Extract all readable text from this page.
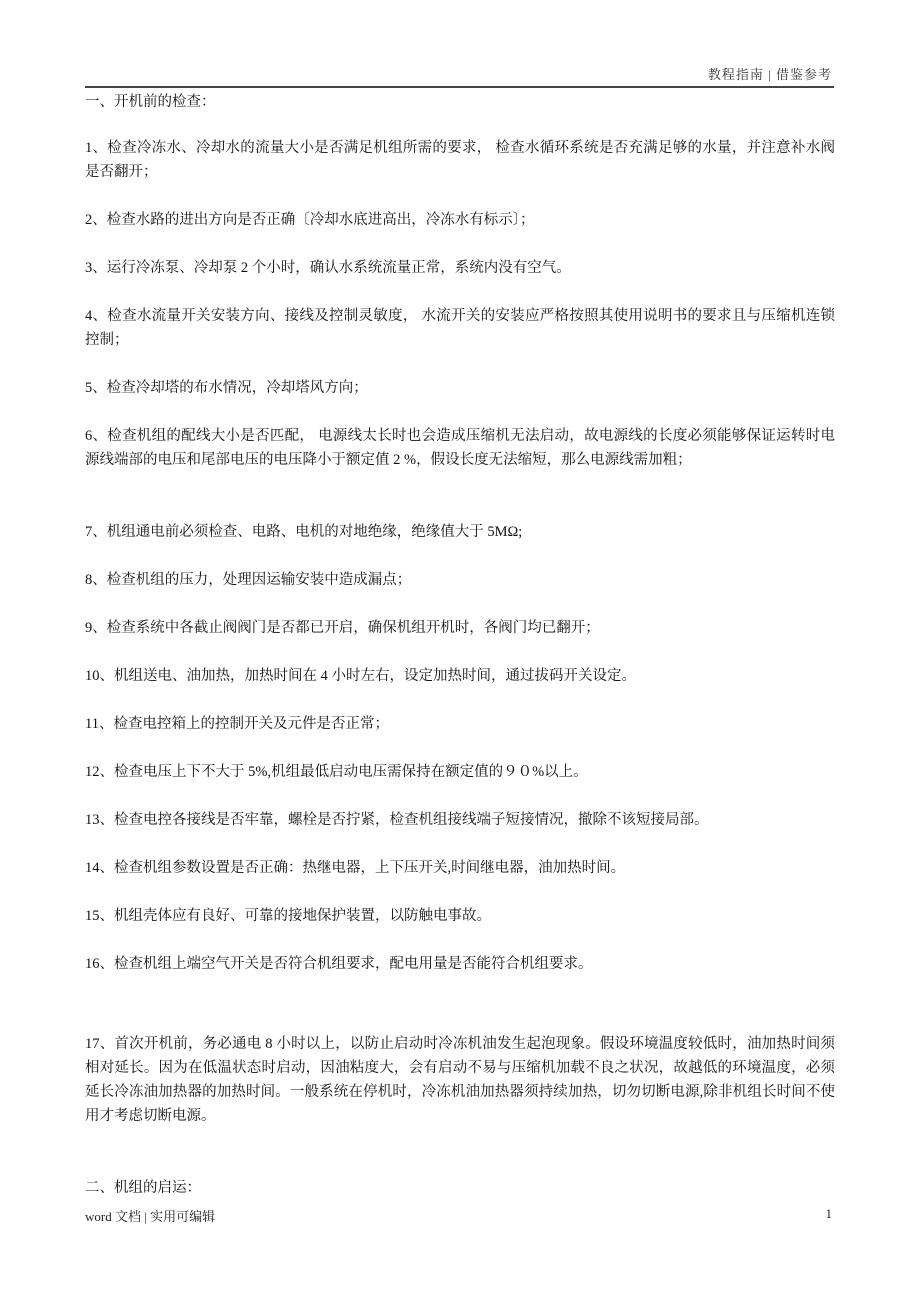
教程指南 | 借鉴参考

一、开机前的检查：

1、检查冷冻水、冷却水的流量大小是否满足机组所需的要求， 检查水循环系统是否充满足够的水量，并注意补水阀是否翻开；

2、检查水路的进出方向是否正确〔冷却水底进高出，冷冻水有标示〕；

3、运行冷冻泵、冷却泵 2 个小时，确认水系统流量正常，系统内没有空气。

4、检查水流量开关安装方向、接线及控制灵敏度， 水流开关的安装应严格按照其使用说明书的要求且与压缩机连锁控制；

5、检查冷却塔的布水情况，冷却塔风方向；

6、检查机组的配线大小是否匹配， 电源线太长时也会造成压缩机无法启动，故电源线的长度必须能够保证运转时电源线端部的电压和尾部电压的电压降小于额定值 2 %，假设长度无法缩短，那么电源线需加粗；

7、机组通电前必须检查、电路、电机的对地绝缘，绝缘值大于 5MΩ;

8、检查机组的压力，处理因运输安装中造成漏点；

9、检查系统中各截止阀阀门是否都已开启，确保机组开机时，各阀门均已翻开；

10、机组送电、油加热，加热时间在 4 小时左右，设定加热时间，通过拔码开关设定。

11、检查电控箱上的控制开关及元件是否正常；

12、检查电压上下不大于 5%,机组最低启动电压需保持在额定值的９０%以上。

13、检查电控各接线是否牢靠，螺栓是否拧紧，检查机组接线端子短接情况，撤除不该短接局部。

14、检查机组参数设置是否正确：热继电器，上下压开关,时间继电器，油加热时间。

15、机组壳体应有良好、可靠的接地保护装置，以防触电事故。

16、检查机组上端空气开关是否符合机组要求，配电用量是否能符合机组要求。

17、首次开机前，务必通电 8 小时以上，以防止启动时冷冻机油发生起泡现象。假设环境温度较低时，油加热时间须相对延长。因为在低温状态时启动，因油粘度大，会有启动不易与压缩机加载不良之状况，故越低的环境温度，必须延长冷冻油加热器的加热时间。一般系统在停机时，冷冻机油加热器须持续加热，切勿切断电源,除非机组长时间不使用才考虑切断电源。

二、机组的启运：

word 文档 | 实用可编辑	1
